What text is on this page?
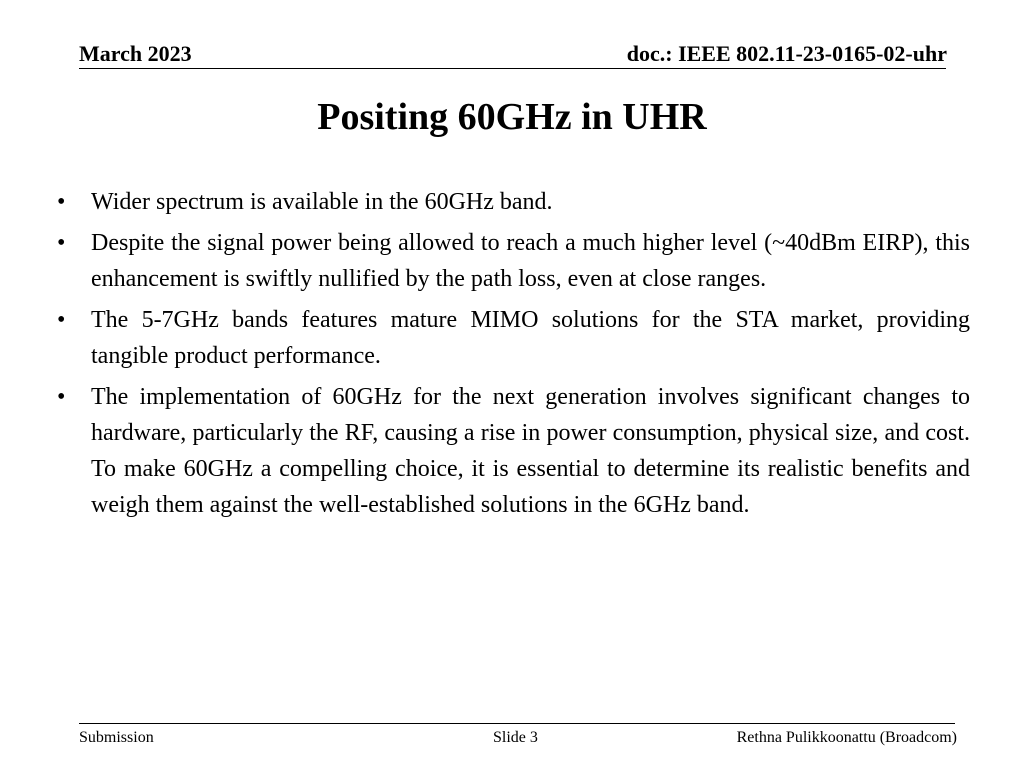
March 2023	doc.: IEEE 802.11-23-0165-02-uhr
Positing 60GHz in UHR
• Wider spectrum is available in the 60GHz band.
• Despite the signal power being allowed to reach a much higher level (~40dBm EIRP), this enhancement is swiftly nullified by the path loss, even at close ranges.
• The 5-7GHz bands features mature MIMO solutions for the STA market, providing tangible product performance.
• The implementation of 60GHz for the next generation involves significant changes to hardware, particularly the RF, causing a rise in power consumption, physical size, and cost. To make 60GHz a compelling choice, it is essential to determine its realistic benefits and weigh them against the well-established solutions in the 6GHz band.
Submission	Slide 3	Rethna Pulikkoonattu (Broadcom)
